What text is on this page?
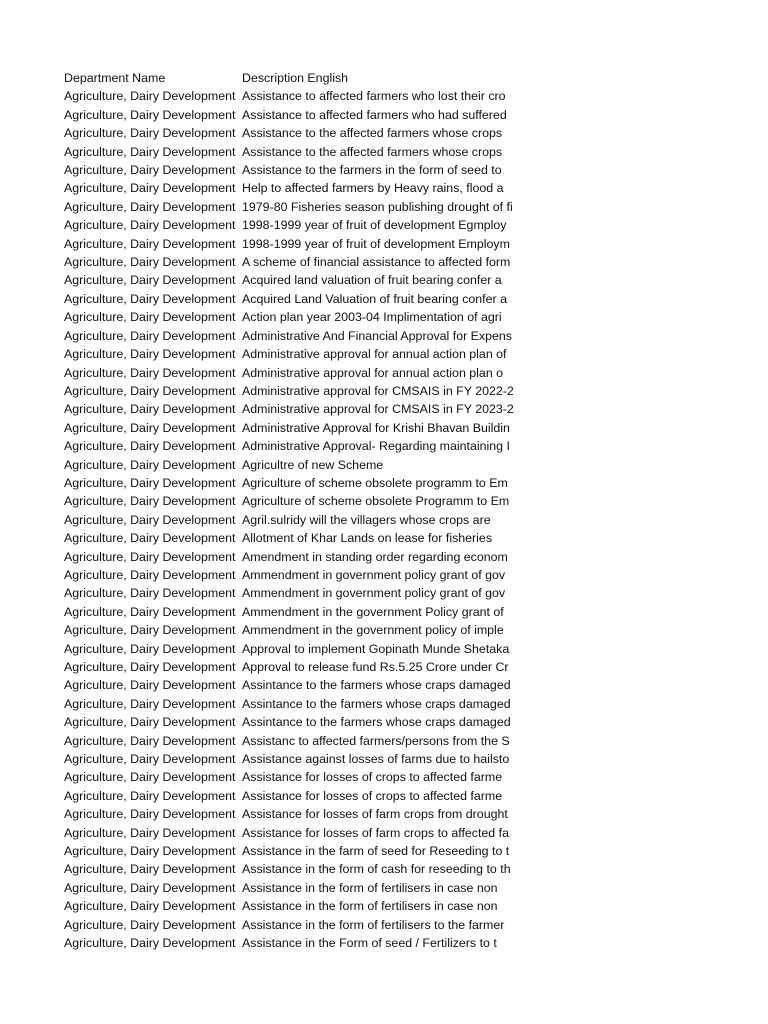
Department Name	Description English
Agriculture, Dairy Development Assistance to affected farmers who lost their cro
Agriculture, Dairy Development Assistance to affected farmers who had suffered
Agriculture, Dairy Development Assistance to the affected farmers whose crops
Agriculture, Dairy Development Assistance to the affected farmers whose crops
Agriculture, Dairy Development Assistance to the farmers in the form of seed to
Agriculture, Dairy Development Help to affected farmers by Heavy rains, flood a
Agriculture, Dairy Development 1979-80 Fisheries season publishing drought of fi
Agriculture, Dairy Development 1998-1999 year of fruit of development Egmploy
Agriculture, Dairy Development 1998-1999 year of fruit of development Employm
Agriculture, Dairy Development A scheme of financial assistance to affected form
Agriculture, Dairy Development Acquired land valuation of fruit bearing confer a
Agriculture, Dairy Development Acquired Land Valuation of fruit bearing confer a
Agriculture, Dairy Development Action plan year 2003-04 Implimentation of agri
Agriculture, Dairy Development Administrative And Financial Approval for Expens
Agriculture, Dairy Development Administrative approval for annual action plan of
Agriculture, Dairy Development Administrative approval for annual action plan o
Agriculture, Dairy Development Administrative approval for CMSAIS in FY 2022-2
Agriculture, Dairy Development Administrative approval for CMSAIS in FY 2023-2
Agriculture, Dairy Development Administrative Approval for Krishi Bhavan Buildin
Agriculture, Dairy Development Administrative Approval- Regarding maintaining I
Agriculture, Dairy Development Agricultre of new Scheme
Agriculture, Dairy Development Agriculture of scheme obsolete programm to Em
Agriculture, Dairy Development Agriculture of scheme obsolete Programm to Em
Agriculture, Dairy Development Agril.sulridy will the villagers whose crops are
Agriculture, Dairy Development Allotment of Khar Lands on lease for fisheries
Agriculture, Dairy Development Amendment in standing order regarding econom
Agriculture, Dairy Development Ammendment in government policy grant of gov
Agriculture, Dairy Development Ammendment in government policy grant of gov
Agriculture, Dairy Development Ammendment in the government Policy grant of
Agriculture, Dairy Development Ammendment in the government policy of imple
Agriculture, Dairy Development Approval to implement Gopinath Munde Shetaka
Agriculture, Dairy Development Approval to release fund Rs.5.25 Crore under Cr
Agriculture, Dairy Development Assintance to the farmers whose craps damaged
Agriculture, Dairy Development Assintance to the farmers whose craps damaged
Agriculture, Dairy Development Assintance to the farmers whose craps damaged
Agriculture, Dairy Development Assistanc to affected farmers/persons from the S
Agriculture, Dairy Development Assistance against losses of farms due to hailsto
Agriculture, Dairy Development Assistance for losses of crops to affected farme
Agriculture, Dairy Development Assistance for losses of crops to affected farme
Agriculture, Dairy Development Assistance for losses of farm crops from drought
Agriculture, Dairy Development Assistance for losses of farm crops to affected fa
Agriculture, Dairy Development Assistance in the farm of seed for Reseeding to t
Agriculture, Dairy Development Assistance in the form of cash for reseeding to th
Agriculture, Dairy Development Assistance in the form of fertilisers in case non
Agriculture, Dairy Development Assistance in the form of fertilisers in case non
Agriculture, Dairy Development Assistance in the form of fertilisers to the farmer
Agriculture, Dairy Development Assistance in the Form of seed / Fertilizers to t
